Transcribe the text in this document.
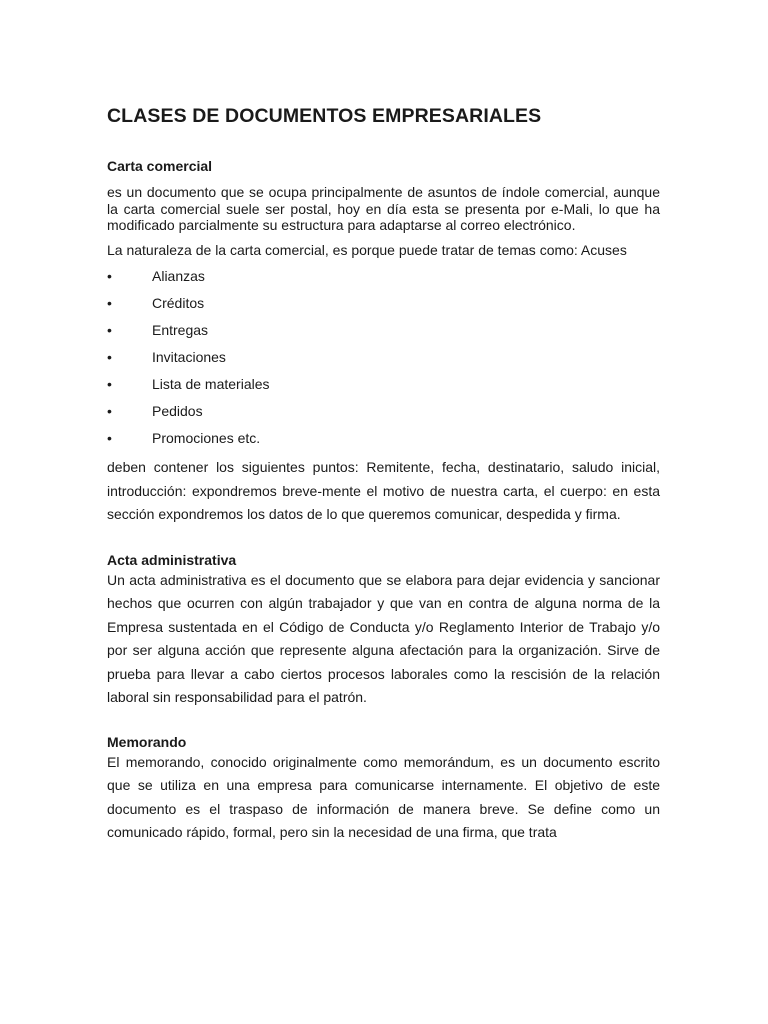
CLASES DE DOCUMENTOS EMPRESARIALES
Carta comercial

es un documento que se ocupa principalmente de asuntos de índole comercial, aunque la carta comercial suele ser postal, hoy en día esta se presenta por e-Mali, lo que ha modificado parcialmente su estructura para adaptarse al correo electrónico.

La naturaleza de la carta comercial, es porque puede tratar de temas como: Acuses

•	Alianzas
•	Créditos
•	Entregas
•	Invitaciones
•	Lista de materiales
•	Pedidos
•	Promociones etc.

deben contener los siguientes puntos: Remitente, fecha, destinatario, saludo inicial, introducción: expondremos breve-mente el motivo de nuestra carta, el cuerpo: en esta sección expondremos los datos de lo que queremos comunicar, despedida y firma.

Acta administrativa

Un acta administrativa es el documento que se elabora para dejar evidencia y sancionar hechos que ocurren con algún trabajador y que van en contra de alguna norma de la Empresa sustentada en el Código de Conducta y/o Reglamento Interior de Trabajo y/o por ser alguna acción que represente alguna afectación para la organización. Sirve de prueba para llevar a cabo ciertos procesos laborales como la rescisión de la relación laboral sin responsabilidad para el patrón.

Memorando

El memorando, conocido originalmente como memorándum, es un documento escrito que se utiliza en una empresa para comunicarse internamente. El objetivo de este documento es el traspaso de información de manera breve. Se define como un comunicado rápido, formal, pero sin la necesidad de una firma, que trata
